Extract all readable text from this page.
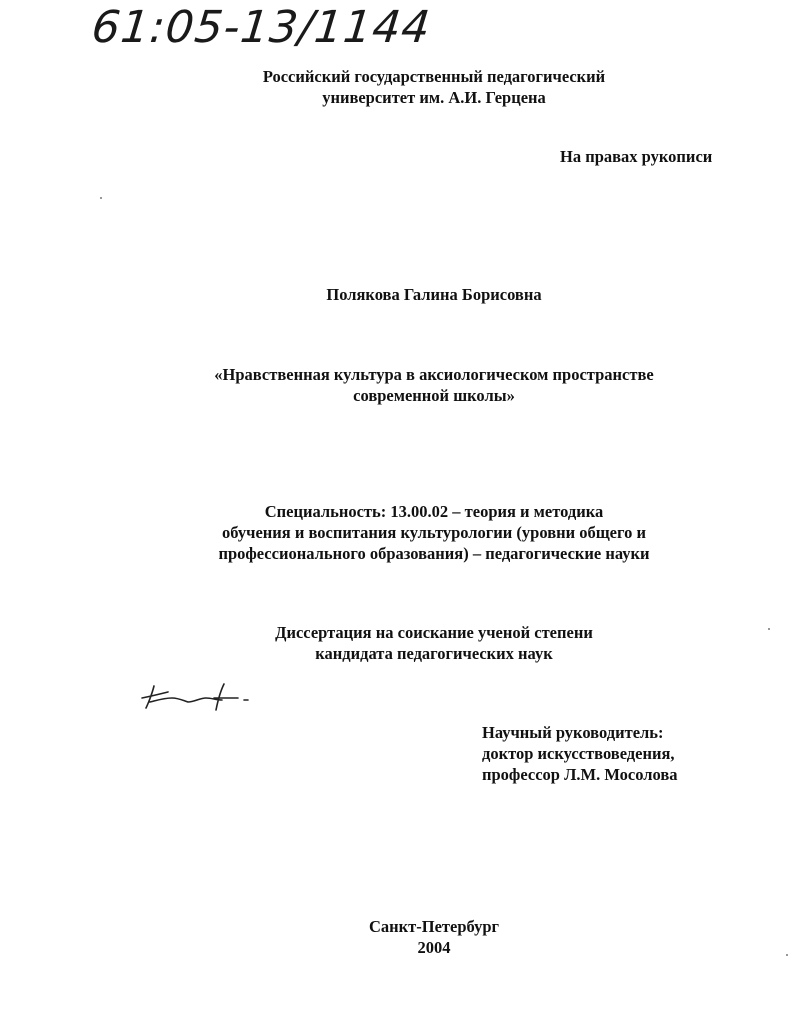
61:05-13/1144
Российский государственный педагогический
университет им. А.И. Герцена
На правах рукописи
Полякова Галина Борисовна
«Нравственная культура в аксиологическом пространстве
современной школы»
Специальность: 13.00.02 – теория и методика
обучения и воспитания культурологии (уровни общего и
профессионального образования) – педагогические науки
Диссертация на соискание ученой степени
кандидата педагогических наук
Научный руководитель:
доктор искусствоведения,
профессор Л.М. Мосолова
Санкт-Петербург
2004
